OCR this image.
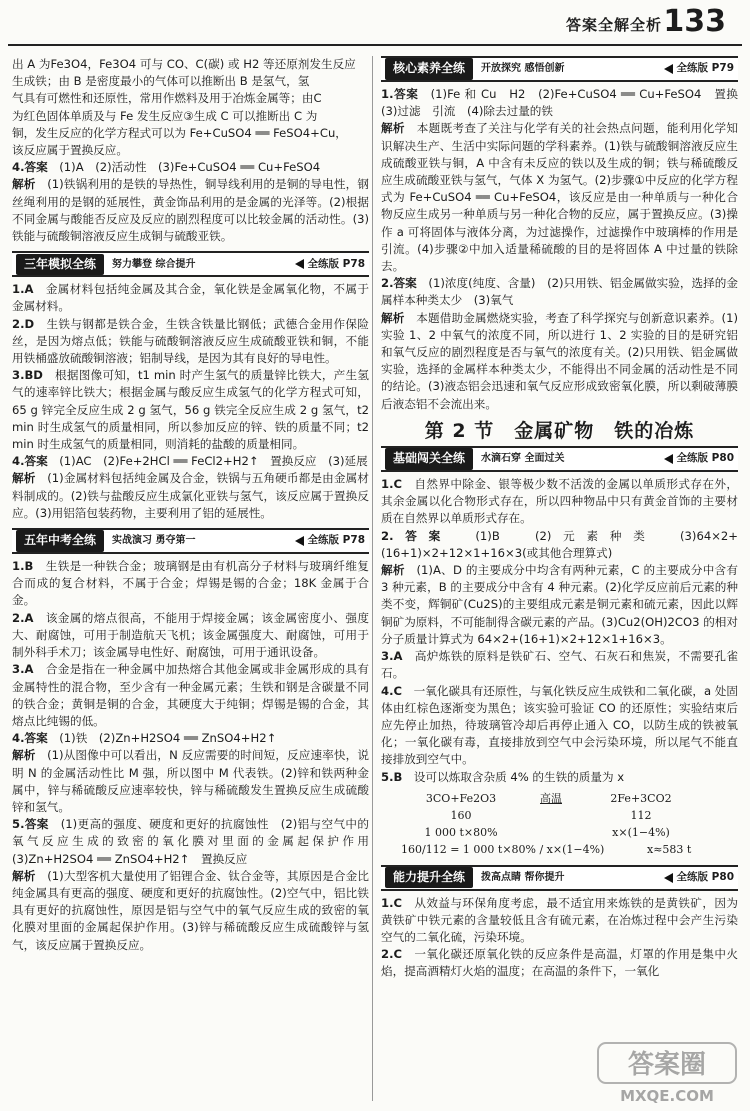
答案全解全析 133

出 A 为Fe3O4，Fe3O4 可与 CO、C(碳) 或 H2 等还原剂发生反应

生成铁；由 B 是密度最小的气体可以推断出 B 是氢气，氢

气具有可燃性和还原性，常用作燃料及用于冶炼金属等；由C

为红色固体单质及与 Fe 发生反应③生成 C 可以推断出 C 为

铜，发生反应的化学方程式可以为 Fe+CuSO4 ══ FeSO4+Cu，

该反应属于置换反应。

4.答案　 (1)A　(2)活动性　(3)Fe+CuSO4 ══ Cu+FeSO4

解析　 (1)铁锅利用的是铁的导热性，铜导线利用的是铜的导电性，钢丝绳利用的是钢的延展性，黄金饰品利用的是金属的光泽等。(2)根据不同金属与酸能否反应及反应的剧烈程度可以比较金属的活动性。(3)铁能与硫酸铜溶液反应生成铜与硫酸亚铁。

三年模拟全练	努力攀登 综合提升	全练版 P78

1.A　 金属材料包括纯金属及其合金，氧化铁是金属氧化物，不属于金属材料。

2.D　 生铁与钢都是铁合金，生铁含铁量比钢低；武德合金用作保险丝，是因为熔点低；铁能与硫酸铜溶液反应生成硫酸亚铁和铜，不能用铁桶盛放硫酸铜溶液；铝制导线，是因为其有良好的导电性。

3.BD　 根据图像可知，t1 min 时产生氢气的质量锌比铁大，产生氢气的速率锌比铁大；根据金属与酸反应生成氢气的化学方程式可知，65 g 锌完全反应生成 2 g 氢气，56 g 铁完全反应生成 2 g 氢气，t2 min 时生成氢气的质量相同，所以参加反应的锌、铁的质量不同；t2 min 时生成氢气的质量相同，则消耗的盐酸的质量相同。

4.答案　 (1)AC　(2)Fe+2HCl ══ FeCl2+H2↑　置换反应　(3)延展

解析　 (1)金属材料包括纯金属及合金，铁锅与五角硬币都是由金属材料制成的。(2)铁与盐酸反应生成氯化亚铁与氢气，该反应属于置换反应。(3)用铝箔包装药物，主要利用了铝的延展性。

五年中考全练	实战演习 勇夺第一	全练版 P78

1.B　 生铁是一种铁合金；玻璃钢是由有机高分子材料与玻璃纤维复合而成的复合材料，不属于合金；焊锡是锡的合金；18K 金属于合金。

2.A　 该金属的熔点很高，不能用于焊接金属；该金属密度小、强度大、耐腐蚀，可用于制造航天飞机；该金属强度大、耐腐蚀，可用于制外科手术刀；该金属导电性好、耐腐蚀，可用于通讯设备。

3.A　 合金是指在一种金属中加热熔合其他金属或非金属形成的具有金属特性的混合物，至少含有一种金属元素；生铁和钢是含碳量不同的铁合金；黄铜是铜的合金，其硬度大于纯铜；焊锡是锡的合金，其熔点比纯锡的低。

4.答案　 (1)铁　(2)Zn+H2SO4 ══ ZnSO4+H2↑

解析　 (1)从图像中可以看出，N 反应需要的时间短，反应速率快，说明 N 的金属活动性比 M 强，所以图中 M 代表铁。(2)锌和铁两种金属中，锌与稀硫酸反应速率较快，锌与稀硫酸发生置换反应生成硫酸锌和氢气。

5.答案　 (1)更高的强度、硬度和更好的抗腐蚀性　(2)铝与空气中的氧气反应生成的致密的氧化膜对里面的金属起保护作用　(3)Zn+H2SO4 ══ ZnSO4+H2↑　置换反应

解析　 (1)大型客机大量使用了铝锂合金、钛合金等，其原因是合金比纯金属具有更高的强度、硬度和更好的抗腐蚀性。(2)空气中，铝比铁具有更好的抗腐蚀性，原因是铝与空气中的氧气反应生成的致密的氧化膜对里面的金属起保护作用。(3)锌与稀硫酸反应生成硫酸锌与氢气，该反应属于置换反应。

核心素养全练	开放探究 感悟创新	全练版 P79

1.答案　 (1)Fe 和 Cu　H2　(2)Fe+CuSO4 ══ Cu+FeSO4　置换　(3)过滤　引流　(4)除去过量的铁

解析　 本题既考查了关注与化学有关的社会热点问题，能利用化学知识解决生产、生活中实际问题的学科素养。(1)铁与硫酸铜溶液反应生成硫酸亚铁与铜，A 中含有未反应的铁以及生成的铜；铁与稀硫酸反应生成硫酸亚铁与氢气，气体 X 为氢气。(2)步骤①中反应的化学方程式为 Fe+CuSO4 ══ Cu+FeSO4，该反应是由一种单质与一种化合物反应生成另一种单质与另一种化合物的反应，属于置换反应。(3)操作 a 可将固体与液体分离，为过滤操作，过滤操作中玻璃棒的作用是引流。(4)步骤②中加入适量稀硫酸的目的是将固体 A 中过量的铁除去。

2.答案　 (1)浓度(纯度、含量)　(2)只用铁、铝金属做实验，选择的金属样本种类太少　(3)氧气

解析　 本题借助金属燃烧实验，考查了科学探究与创新意识素养。(1)实验 1、2 中氧气的浓度不同，所以进行 1、2 实验的目的是研究铝和氧气反应的剧烈程度是否与氧气的浓度有关。(2)只用铁、铝金属做实验，选择的金属样本种类太少，不能得出不同金属的活动性是不同的结论。(3)液态铝会迅速和氧气反应形成致密氧化膜，所以剩破薄膜后液态铝不会流出来。

第 2 节　金属矿物　铁的冶炼
基础闯关全练	水滴石穿 全面过关	全练版 P80

1.C　 自然界中除金、银等极少数不活泼的金属以单质形式存在外，其余金属以化合物形式存在，所以四种物品中只有黄金首饰的主要材质在自然界以单质形式存在。

2.答案　 (1)B　(2)元素种类　(3)64×2+(16+1)×2+12×1+16×3(或其他合理算式)

解析　 (1)A、D 的主要成分中均含有两种元素，C 的主要成分中含有 3 种元素，B 的主要成分中含有 4 种元素。(2)化学反应前后元素的种类不变，辉铜矿(Cu2S)的主要组成元素是铜元素和硫元素，因此以辉铜矿为原料，不可能制得含碳元素的产品。(3)Cu2(OH)2CO3 的相对分子质量计算式为 64×2+(16+1)×2+12×1+16×3。

3.A　 高炉炼铁的原料是铁矿石、空气、石灰石和焦炭，不需要孔雀石。

4.C　 一氧化碳具有还原性，与氧化铁反应生成铁和二氧化碳，a 处固体由红棕色逐渐变为黑色；该实验可验证 CO 的还原性；实验结束后应先停止加热，待玻璃管冷却后再停止通入 CO，以防生成的铁被氧化；一氧化碳有毒，直接排放到空气中会污染环境，所以尾气不能直接排放到空气中。

5.B　 设可以炼取含杂质 4% 的生铁的质量为 x

3CO+Fe2O3	高温	2Fe+3CO2
160	112
1 000 t×80%	x×(1−4%)
160/112 = 1 000 t×80% / x×(1−4%)	x≈583 t
能力提升全练	拨高点睛 帮你提升	全练版 P80

1.C　 从效益与环保角度考虑，最不适宜用来炼铁的是黄铁矿，因为黄铁矿中铁元素的含量较低且含有硫元素，在冶炼过程中会产生污染空气的二氧化硫，污染环境。

2.C　 一氧化碳还原氧化铁的反应条件是高温，灯罩的作用是集中火焰，提高酒精灯火焰的温度；在高温的条件下，一氧化

答案圈
MXQE.COM
